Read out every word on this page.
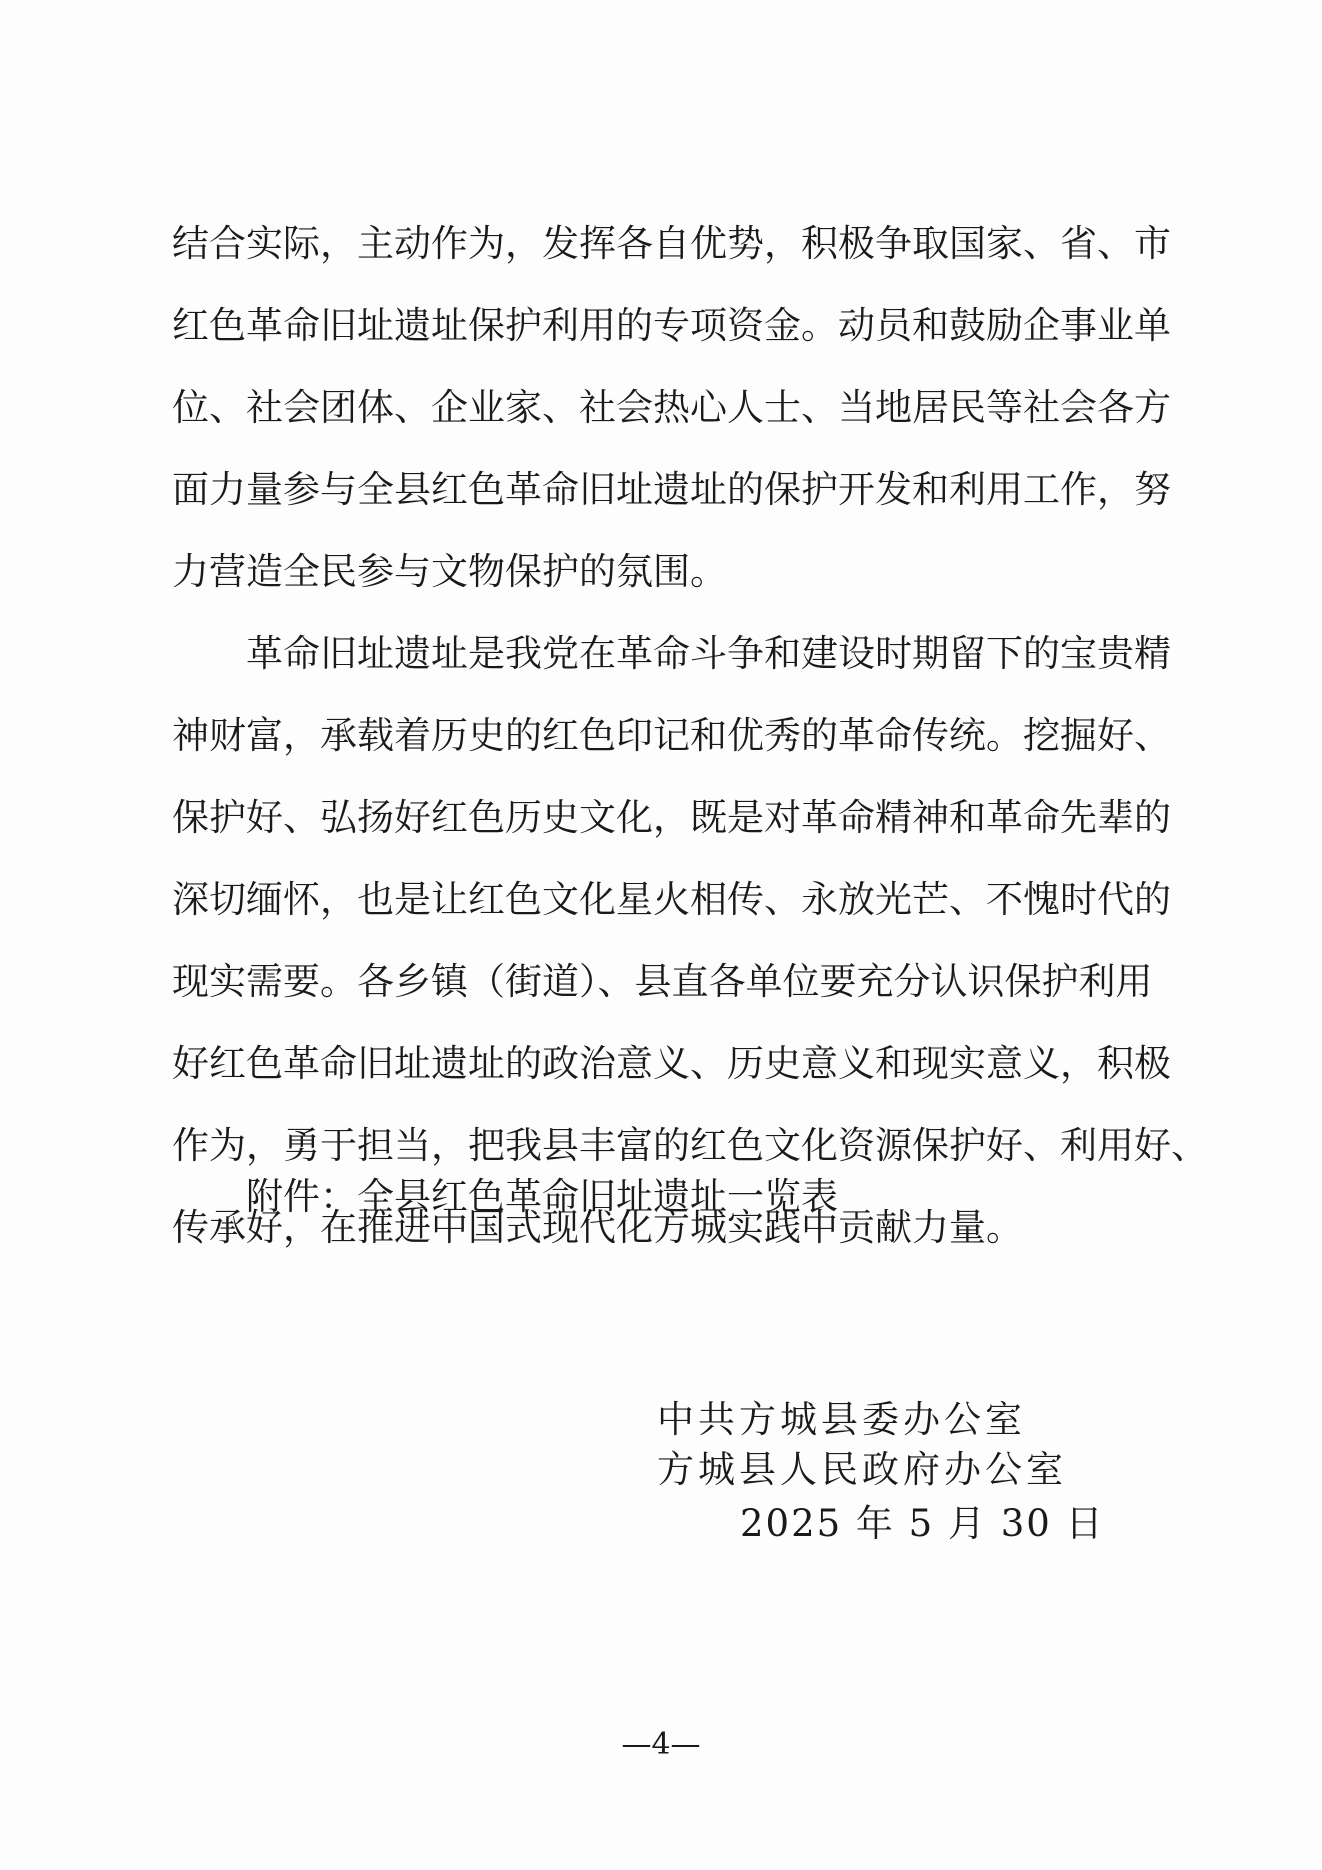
结合实际，主动作为，发挥各自优势，积极争取国家、省、市
红色革命旧址遗址保护利用的专项资金。动员和鼓励企事业单
位、社会团体、企业家、社会热心人士、当地居民等社会各方
面力量参与全县红色革命旧址遗址的保护开发和利用工作，努
力营造全民参与文物保护的氛围。
附件：全县红色革命旧址遗址一览表
中共方城县委办公室
方城县人民政府办公室
2025 年 5 月 30 日
—4—
革命旧址遗址是我党在革命斗争和建设时期留下的宝贵精
神财富，承载着历史的红色印记和优秀的革命传统。挖掘好、
保护好、弘扬好红色历史文化，既是对革命精神和革命先辈的
深切缅怀，也是让红色文化星火相传、永放光芒、不愧时代的
现实需要。各乡镇（街道）、县直各单位要充分认识保护利用
好红色革命旧址遗址的政治意义、历史意义和现实意义，积极
作为，勇于担当，把我县丰富的红色文化资源保护好、利用好、
传承好，在推进中国式现代化方城实践中贡献力量。
